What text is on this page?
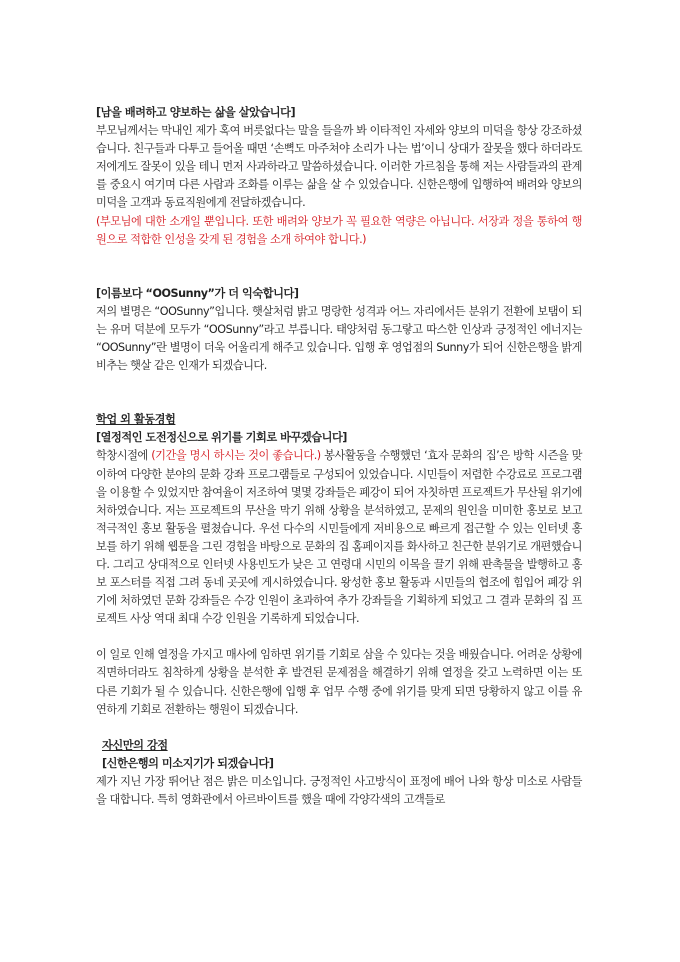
[남을 배려하고 양보하는 삶을 살았습니다]

부모님께서는 막내인 제가 혹여 버릇없다는 말을 들을까 봐 이타적인 자세와 양보의 미덕을 항상 강조하셨습니다. 친구들과 다투고 들어올 때면 ‘손뼉도 마주쳐야 소리가 나는 법’이니 상대가 잘못을 했다 하더라도 저에게도 잘못이 있을 테니 먼저 사과하라고 말씀하셨습니다. 이러한 가르침을 통해 저는 사람들과의 관계를 중요시 여기며 다른 사람과 조화를 이루는 삶을 살 수 있었습니다. 신한은행에 입행하여 배려와 양보의 미덕을 고객과 동료직원에게 전달하겠습니다.

(부모님에 대한 소개일 뿐입니다. 또한 배려와 양보가 꼭 필요한 역량은 아닙니다. 서장과 정을 통하여 행원으로 적합한 인성을 갖게 된 경험을 소개 하여야 합니다.)

[이름보다 “OOSunny”가 더 익숙합니다]

저의 별명은 “OOSunny”입니다. 햇살처럼 밝고 명랑한 성격과 어느 자리에서든 분위기 전환에 보탬이 되는 유머 덕분에 모두가 “OOSunny”라고 부릅니다. 태양처럼 동그랗고 따스한 인상과 긍정적인 에너지는 “OOSunny”란 별명이 더욱 어울리게 해주고 있습니다. 입행 후 영업점의 Sunny가 되어 신한은행을 밝게 비추는 햇살 같은 인재가 되겠습니다.

학업 외 활동경험

[열정적인 도전정신으로 위기를 기회로 바꾸겠습니다]

학창시절에 (기간을 명시 하시는 것이 좋습니다.) 봉사활동을 수행했던 ‘효자 문화의 집’은 방학 시즌을 맞이하여 다양한 분야의 문화 강좌 프로그램들로 구성되어 있었습니다. 시민들이 저렴한 수강료로 프로그램을 이용할 수 있었지만 참여율이 저조하여 몇몇 강좌들은 폐강이 되어 자칫하면 프로젝트가 무산될 위기에 처하였습니다. 저는 프로젝트의 무산을 막기 위해 상황을 분석하였고, 문제의 원인을 미미한 홍보로 보고 적극적인 홍보 활동을 펼쳤습니다. 우선 다수의 시민들에게 저비용으로 빠르게 접근할 수 있는 인터넷 홍보를 하기 위해 웹툰을 그린 경험을 바탕으로 문화의 집 홈페이지를 화사하고 친근한 분위기로 개편했습니다. 그리고 상대적으로 인터넷 사용빈도가 낮은 고 연령대 시민의 이목을 끌기 위해 판촉물을 발행하고 홍보 포스터를 직접 그려 동네 곳곳에 게시하였습니다. 왕성한 홍보 활동과 시민들의 협조에 힘입어 폐강 위기에 처하였던 문화 강좌들은 수강 인원이 초과하여 추가 강좌들을 기획하게 되었고 그 결과 문화의 집 프로젝트 사상 역대 최대 수강 인원을 기록하게 되었습니다.

이 일로 인해 열정을 가지고 매사에 임하면 위기를 기회로 삼을 수 있다는 것을 배웠습니다. 어려운 상황에 직면하더라도 침착하게 상황을 분석한 후 발견된 문제점을 해결하기 위해 열정을 갖고 노력하면 이는 또 다른 기회가 될 수 있습니다. 신한은행에 입행 후 업무 수행 중에 위기를 맞게 되면 당황하지 않고 이를 유연하게 기회로 전환하는 행원이 되겠습니다.

자신만의 강점

[신한은행의 미소지기가 되겠습니다]

제가 지닌 가장 뛰어난 점은 밝은 미소입니다. 긍정적인 사고방식이 표정에 배어 나와 항상 미소로 사람들을 대합니다. 특히 영화관에서 아르바이트를 했을 때에 각양각색의 고객들로
